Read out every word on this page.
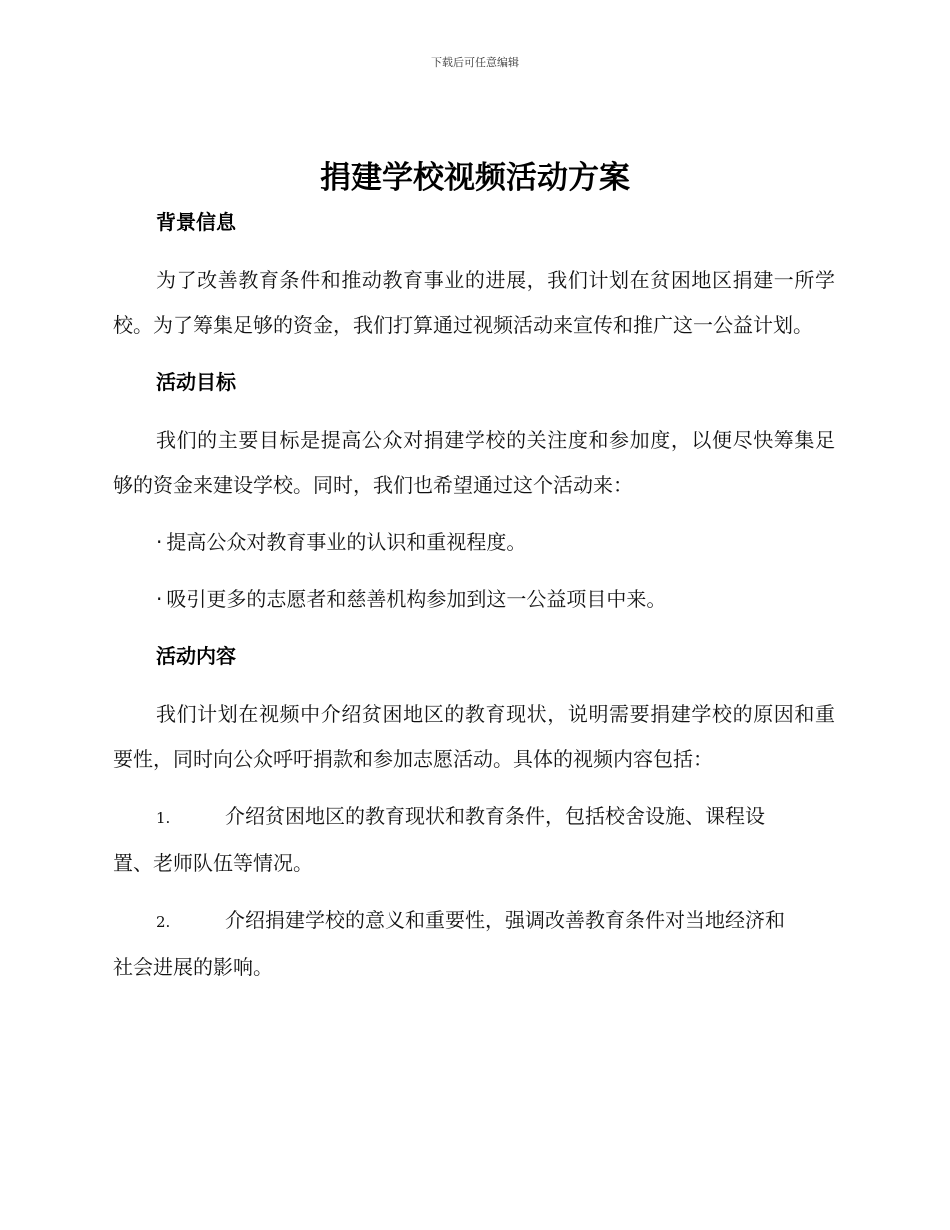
下载后可任意编辑
捐建学校视频活动方案
背景信息

为了改善教育条件和推动教育事业的进展，我们计划在贫困地区捐建一所学校。为了筹集足够的资金，我们打算通过视频活动来宣传和推广这一公益计划。

活动目标

我们的主要目标是提高公众对捐建学校的关注度和参加度，以便尽快筹集足够的资金来建设学校。同时，我们也希望通过这个活动来：

· 提高公众对教育事业的认识和重视程度。

· 吸引更多的志愿者和慈善机构参加到这一公益项目中来。

活动内容

我们计划在视频中介绍贫困地区的教育现状，说明需要捐建学校的原因和重要性，同时向公众呼吁捐款和参加志愿活动。具体的视频内容包括：

1.	介绍贫困地区的教育现状和教育条件，包括校舍设施、课程设
置、老师队伍等情况。

2.	介绍捐建学校的意义和重要性，强调改善教育条件对当地经济和
社会进展的影响。
